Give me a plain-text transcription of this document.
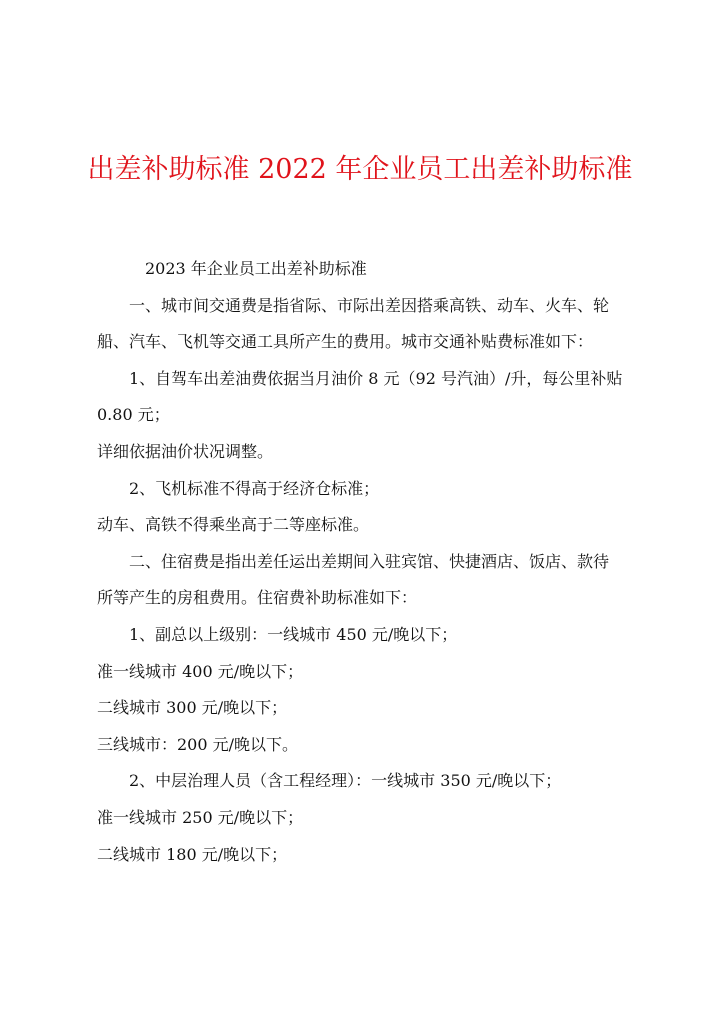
出差补助标准 2022 年企业员工出差补助标准

2023 年企业员工出差补助标准

一、城市间交通费是指省际、市际出差因搭乘高铁、动车、火车、轮

船、汽车、飞机等交通工具所产生的费用。城市交通补贴费标准如下：

1、自驾车出差油费依据当月油价 8 元（92 号汽油）/升，每公里补贴

0.80 元；

详细依据油价状况调整。

2、飞机标准不得高于经济仓标准；

动车、高铁不得乘坐高于二等座标准。

二、住宿费是指出差任运出差期间入驻宾馆、快捷酒店、饭店、款待

所等产生的房租费用。住宿费补助标准如下：

1、副总以上级别：一线城市 450 元/晚以下；

准一线城市 400 元/晚以下；

二线城市 300 元/晚以下；

三线城市：200 元/晚以下。

2、中层治理人员（含工程经理）：一线城市 350 元/晚以下；

准一线城市 250 元/晚以下；

二线城市 180 元/晚以下；
